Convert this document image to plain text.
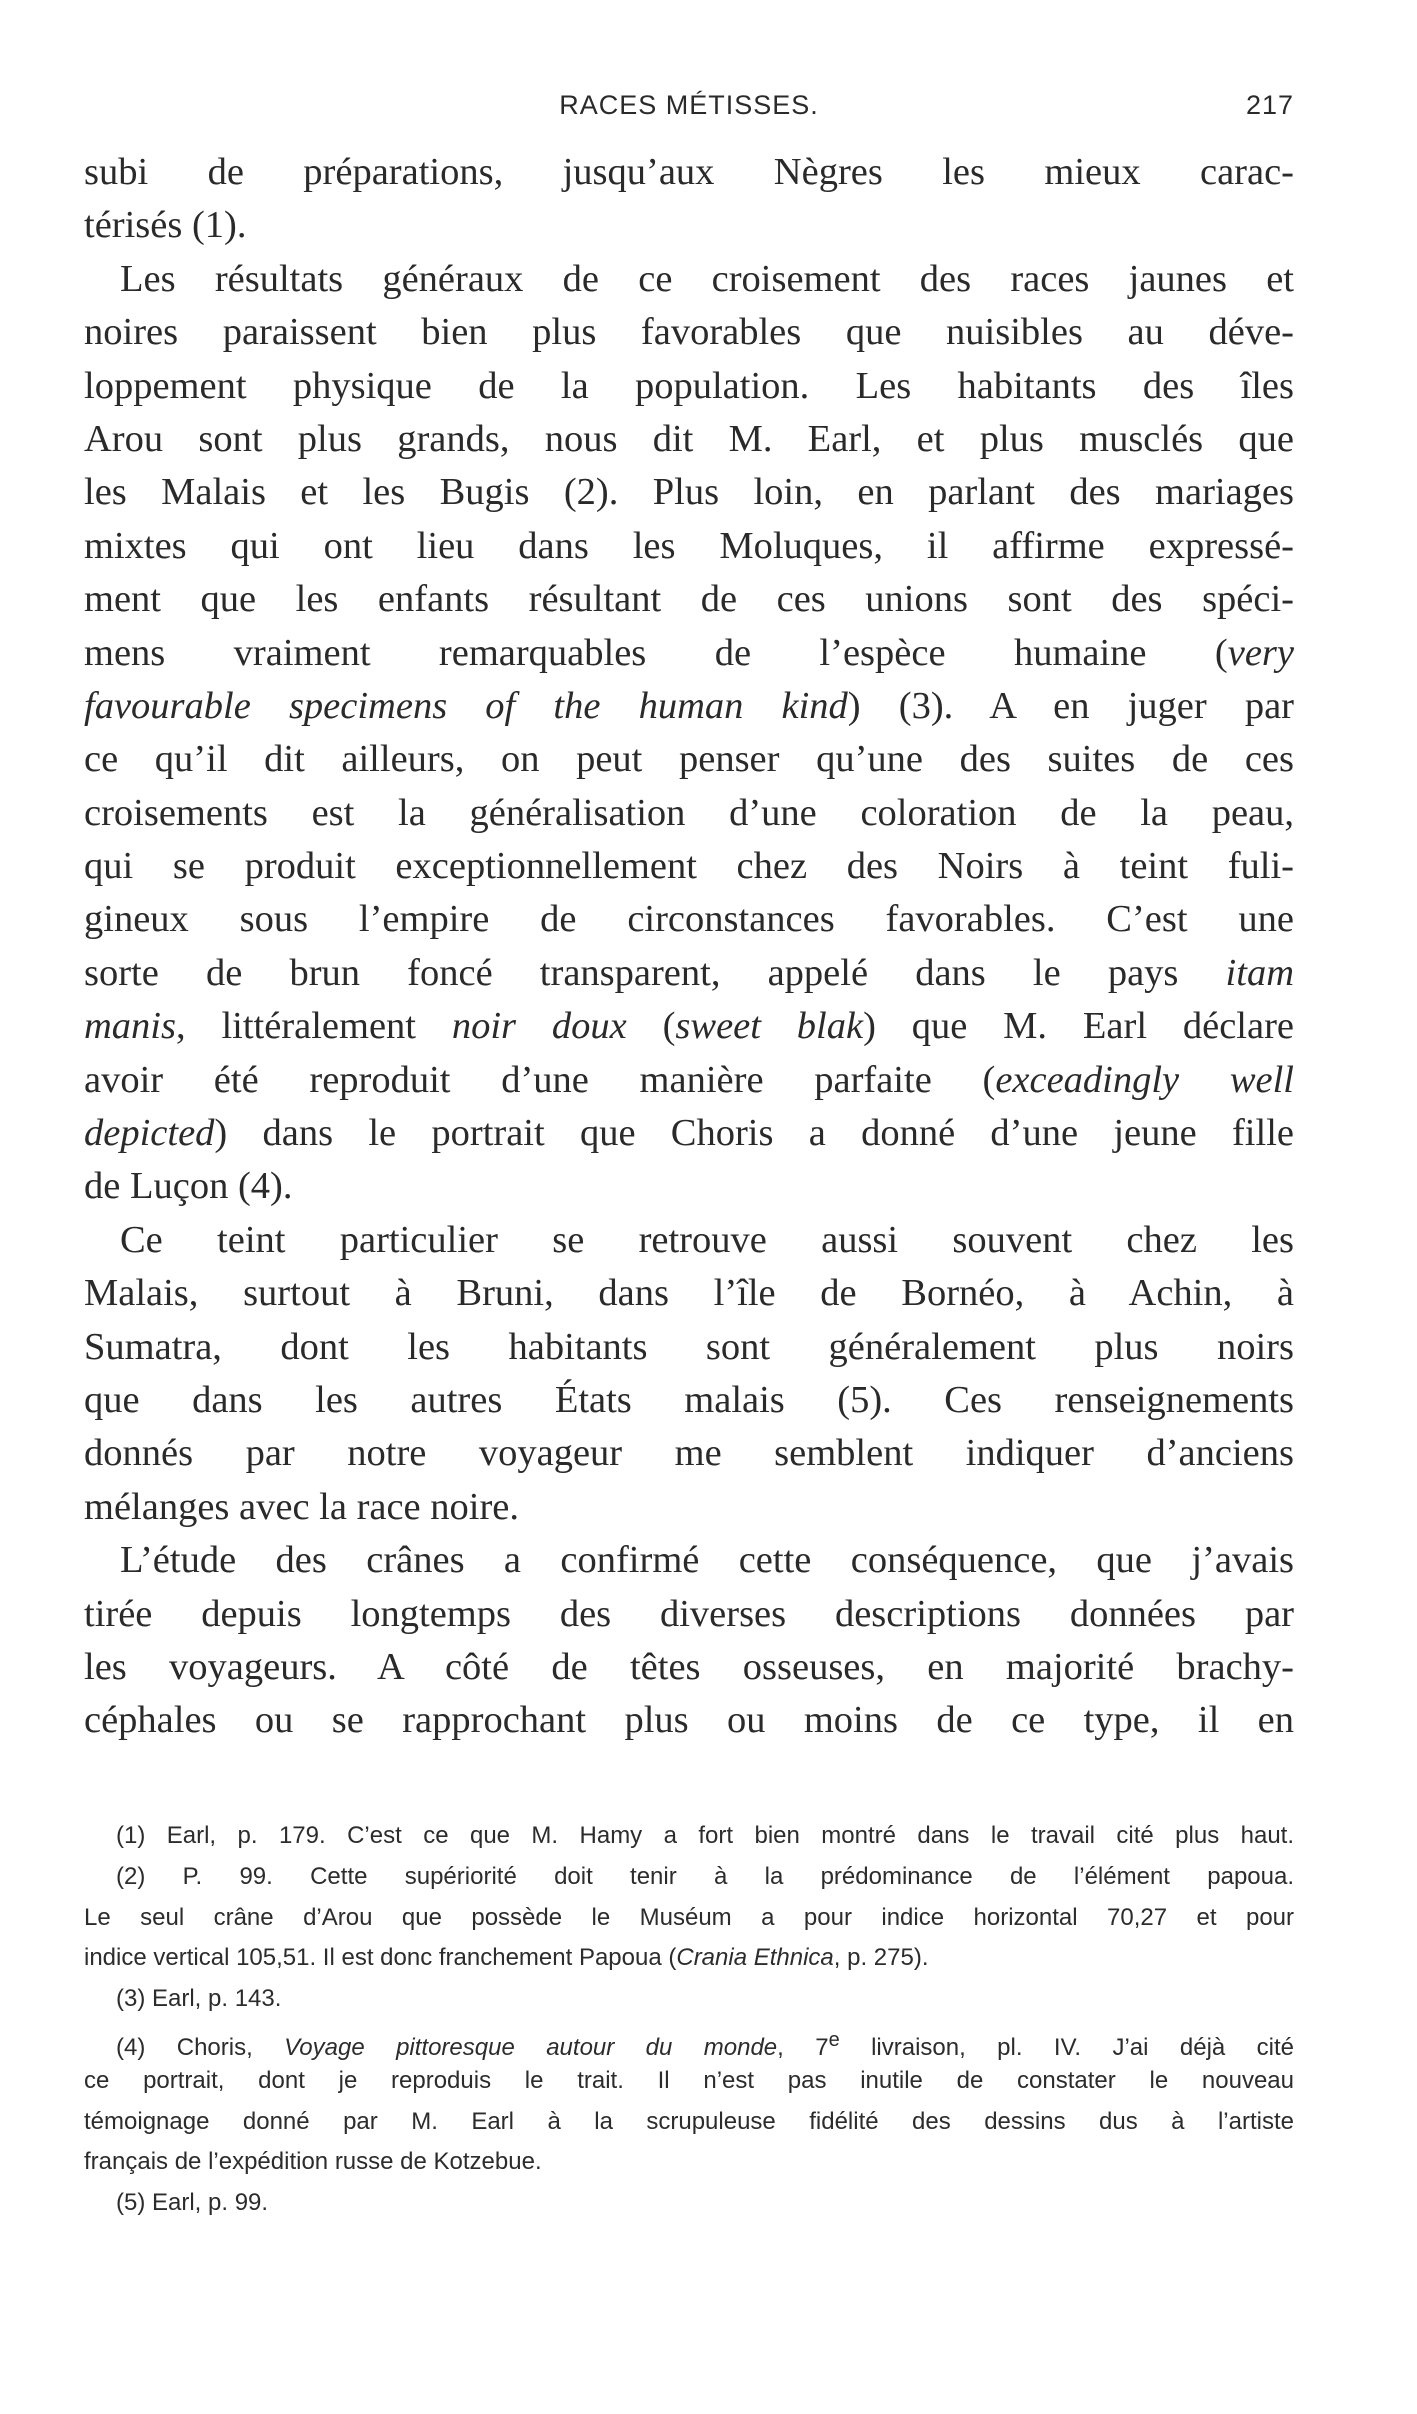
RACES MÉTISSES.	217
subi de préparations, jusqu’aux Nègres les mieux carac-
térisés (1).
Les résultats généraux de ce croisement des races jaunes et
noires paraissent bien plus favorables que nuisibles au déve-
loppement physique de la population. Les habitants des îles
Arou sont plus grands, nous dit M. Earl, et plus musclés que
les Malais et les Bugis (2). Plus loin, en parlant des mariages
mixtes qui ont lieu dans les Moluques, il affirme expressé-
ment que les enfants résultant de ces unions sont des spéci-
mens vraiment remarquables de l’espèce humaine (very
favourable specimens of the human kind) (3). A en juger par
ce qu’il dit ailleurs, on peut penser qu’une des suites de ces
croisements est la généralisation d’une coloration de la peau,
qui se produit exceptionnellement chez des Noirs à teint fuli-
gineux sous l’empire de circonstances favorables. C’est une
sorte de brun foncé transparent, appelé dans le pays itam
manis, littéralement noir doux (sweet blak) que M. Earl déclare
avoir été reproduit d’une manière parfaite (exceadingly well
depicted) dans le portrait que Choris a donné d’une jeune fille
de Luçon (4).
Ce teint particulier se retrouve aussi souvent chez les
Malais, surtout à Bruni, dans l’île de Bornéo, à Achin, à
Sumatra, dont les habitants sont généralement plus noirs
que dans les autres États malais (5). Ces renseignements
donnés par notre voyageur me semblent indiquer d’anciens
mélanges avec la race noire.
L’étude des crânes a confirmé cette conséquence, que j’avais
tirée depuis longtemps des diverses descriptions données par
les voyageurs. A côté de têtes osseuses, en majorité brachy-
céphales ou se rapprochant plus ou moins de ce type, il en
(1) Earl, p. 179. C’est ce que M. Hamy a fort bien montré dans le travail cité plus haut.
(2) P. 99. Cette supériorité doit tenir à la prédominance de l’élément papoua.
Le seul crâne d’Arou que possède le Muséum a pour indice horizontal 70,27 et pour
indice vertical 105,51. Il est donc franchement Papoua (Crania Ethnica, p. 275).
(3) Earl, p. 143.
(4) Choris, Voyage pittoresque autour du monde, 7e livraison, pl. IV. J’ai déjà cité
ce portrait, dont je reproduis le trait. Il n’est pas inutile de constater le nouveau
témoignage donné par M. Earl à la scrupuleuse fidélité des dessins dus à l’artiste
français de l’expédition russe de Kotzebue.
(5) Earl, p. 99.
